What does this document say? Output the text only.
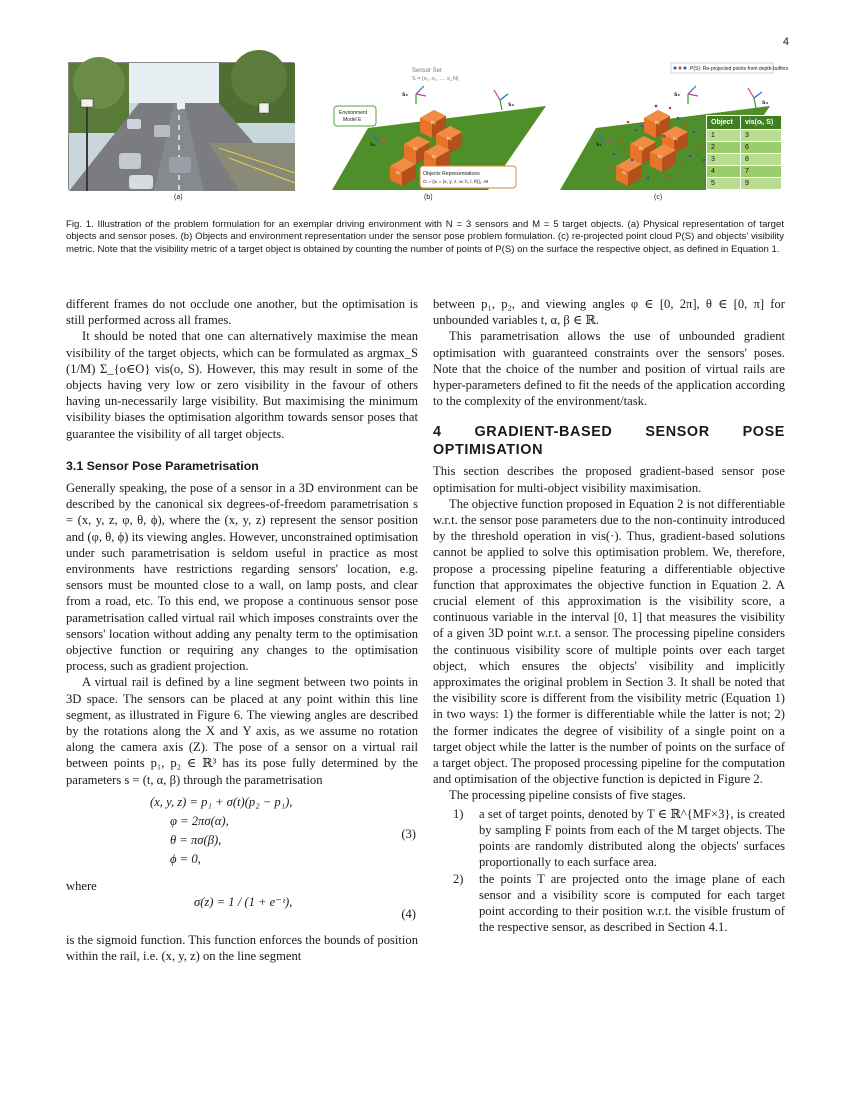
4
(a)
o₅
o₄
o₃
o₂
o₁
Sensor Set
S = {s₁, s₂, ..., s_N}
s₂
s₃
s₁
Environment
Model E
Objects Representations
O = {oᵢ = (x, y, z, w, h, l, θ)}₁..M
(b)
o₅
o₄
o₃
o₂
o₁
P(S): Re-projected points from depth-buffers
s₂
s₃
s₁
Object	vis(oᵢ, S)
1	3
2	6
3	8
4	7
5	9
(c)
Fig. 1. Illustration of the problem formulation for an exemplar driving environment with N = 3 sensors and M = 5 target objects. (a) Physical representation of target objects and sensor poses. (b) Objects and environment representation under the sensor pose problem formulation. (c) re-projected point cloud P(S) and objects' visibility metric. Note that the visibility metric of a target object is obtained by counting the number of points of P(S) on the surface the respective object, as defined in Equation 1.

different frames do not occlude one another, but the optimisation is still performed across all frames.

It should be noted that one can alternatively maximise the mean visibility of the target objects, which can be formulated as argmax_S (1/M) Σ_{o∈O} vis(o, S). However, this may result in some of the objects having very low or zero visibility in the favour of others having un-necessarily large visibility. But maximising the minimum visibility biases the optimisation algorithm towards sensor poses that guarantee the visibility of all target objects.

3.1 Sensor Pose Parametrisation

Generally speaking, the pose of a sensor in a 3D environment can be described by the canonical six degrees-of-freedom parametrisation s = (x, y, z, φ, θ, ϕ), where the (x, y, z) represent the sensor position and (φ, θ, ϕ) its viewing angles. However, unconstrained optimisation under such parametrisation is seldom useful in practice as most environments have restrictions regarding sensors' location, e.g. sensors must be mounted close to a wall, on lamp posts, and clear from a road, etc. To this end, we propose a continuous sensor pose parametrisation called virtual rail which imposes constraints over the sensors' location without adding any penalty term to the optimisation objective function or requiring any changes to the optimisation process, such as gradient projection.

A virtual rail is defined by a line segment between two points in 3D space. The sensors can be placed at any point within this line segment, as illustrated in Figure 6. The viewing angles are described by the rotations along the X and Y axis, as we assume no rotation along the camera axis (Z). The pose of a sensor on a virtual rail between points p₁, p₂ ∈ ℝ³ has its pose fully determined by the parameters s = (t, α, β) through the parametrisation

(x, y, z) = p₁ + σ(t)(p₂ − p₁),
φ = 2πσ(α),
θ = πσ(β),
ϕ = 0,
(3)

where

σ(z) = 1 / (1 + e⁻ᶻ),
(4)

is the sigmoid function. This function enforces the bounds of position within the rail, i.e. (x, y, z) on the line segment

between p₁, p₂, and viewing angles φ ∈ [0, 2π], θ ∈ [0, π] for unbounded variables t, α, β ∈ ℝ.

This parametrisation allows the use of unbounded gradient optimisation with guaranteed constraints over the sensors' poses. Note that the choice of the number and position of virtual rails are hyper-parameters defined to fit the needs of the application according to the complexity of the environment/task.

4 GRADIENT-BASED SENSOR POSE OPTIMISATION

This section describes the proposed gradient-based sensor pose optimisation for multi-object visibility maximisation.

The objective function proposed in Equation 2 is not differentiable w.r.t. the sensor pose parameters due to the non-continuity introduced by the threshold operation in vis(·). Thus, gradient-based solutions cannot be applied to solve this optimisation problem. We, therefore, propose a processing pipeline featuring a differentiable objective function that approximates the objective function in Equation 2. A crucial element of this approximation is the visibility score, a continuous variable in the interval [0, 1] that measures the visibility of a given 3D point w.r.t. a sensor. The processing pipeline considers the continuous visibility score of multiple points over each target object, which ensures the objects' visibility and implicitly approximates the original problem in Section 3. It shall be noted that the visibility score is different from the visibility metric (Equation 1) in two ways: 1) the former is differentiable while the latter is not; 2) the former indicates the degree of visibility of a single point on a target object while the latter is the number of points on the surface of a target object. The proposed processing pipeline for the computation and optimisation of the objective function is depicted in Figure 2.

The processing pipeline consists of five stages.

1) a set of target points, denoted by T ∈ ℝ^{MF×3}, is created by sampling F points from each of the M target objects. The points are randomly distributed along the objects' surfaces proportionally to each surface area.
2) the points T are projected onto the image plane of each sensor and a visibility score is computed for each target point according to their position w.r.t. the visible frustum of the respective sensor, as described in Section 4.1.
